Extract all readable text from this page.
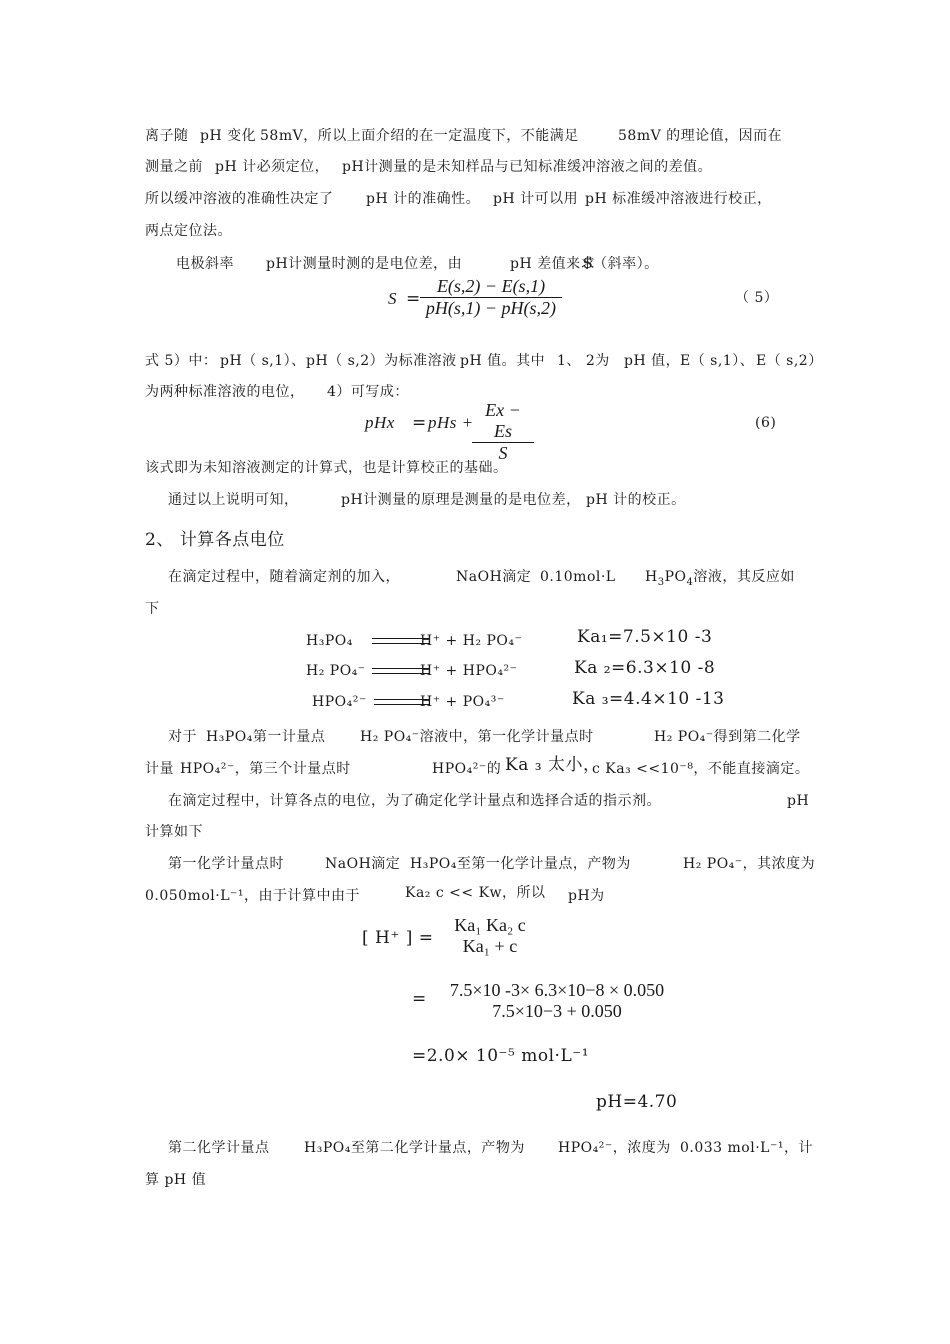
离子随 pH 变化 58mV，所以上面介绍的在一定温度下，不能满足	58mV 的理论值，因而在
测量之前 pH 计必须定位， pH计测量的是未知样品与已知标准缓冲溶液之间的差值。
所以缓冲溶液的准确性决定了 pH 计的准确性。 pH 计可以用 pH 标准缓冲溶液进行校正，
两点定位法。
电极斜率 pH计测量时测的是电位差，由	pH 差值来求
S（斜率）。
$S = \frac{E(s,2) - E(s,1)}{pH(s,1) - pH(s,2)}$	（ 5）
式 5）中： pH（ s,1）、 pH（ s,2）为标准溶液 pH 值。其中 1、 2为 pH 值， E（ s,1）、 E（ s,2）
为两种标准溶液的电位， 4）可写成：
pHx = pHs +
$\frac{Ex - Es}{S}$	(6)
该式即为未知溶液测定的计算式，也是计算校正的基础。
通过以上说明可知，	pH计测量的原理是测量的是电位差， pH 计的校正。
2、 计算各点电位
在滴定过程中，随着滴定剂的加入，	NaOH滴定 0.10mol·L $H_3PO_4$溶液，其反应如
下
H₃PO₄	H⁺ + H₂ PO₄⁻	Ka₁=7.5×10 -3
H₂ PO₄⁻	H⁺ + HPO₄²⁻	Ka ₂=6.3×10 -8
HPO₄²⁻	H⁺ + PO₄³⁻	Ka ₃=4.4×10 -13
对于 H₃PO₄第一计量点 H₂ PO₄⁻溶液中，第一化学计量点时	H₂ PO₄⁻得到第二化学
计量 HPO₄²⁻，第三个计量点时	HPO₄²⁻的 Ka ₃ 太小，
c Ka₃ <<10⁻⁸，不能直接滴定。
在滴定过程中，计算各点的电位，为了确定化学计量点和选择合适的指示剂。	pH
计算如下
第一化学计量点时	NaOH滴定 H₃PO₄至第一化学计量点，产物为	H₂ PO₄⁻，其浓度为
0.050mol·L⁻¹，由于计算中由于	Ka₂ c << Kw，所以 pH为
[ H⁺ ] =
Ka₁ Ka₂ c
Ka₁ + c
=	7.5×10 -3× 6.3×10−8 × 0.050
7.5×10−3 + 0.050
=2.0× 10⁻⁵ mol·L⁻¹
pH=4.70
第二化学计量点 H₃PO₄至第二化学计量点，产物为 HPO₄²⁻，浓度为 0.033 mol·L⁻¹，计
算 pH 值
